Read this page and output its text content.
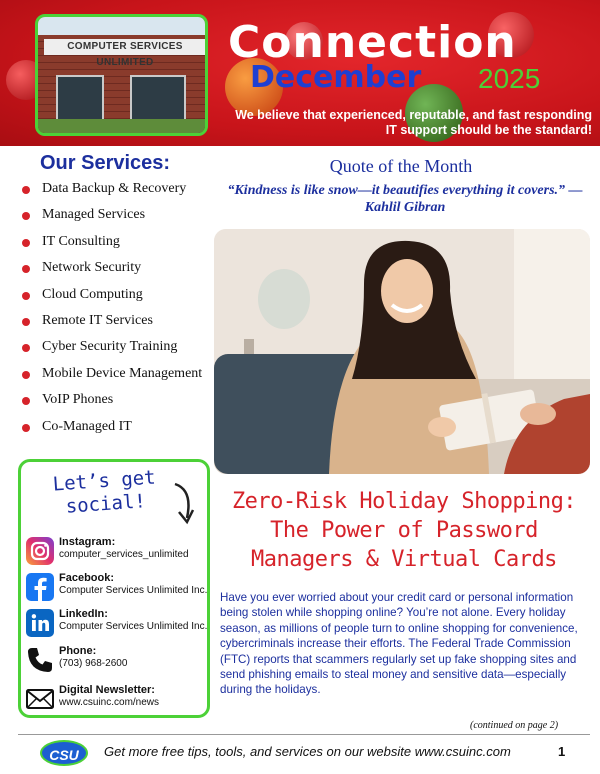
COMPUTER SERVICES UNLIMITED	Connection
December 2025
We believe that experienced, reputable, and fast responding IT support should be the standard!
Our Services:
Data Backup & Recovery
Managed Services
IT Consulting
Network Security
Cloud Computing
Remote IT Services
Cyber Security Training
Mobile Device Management
VoIP Phones
Co-Managed IT
Quote of the Month
“Kindness is like snow—it beautifies everything it covers.” — Kahlil Gibran
Let’s get social!
Instagram:
computer_services_unlimited
Facebook:
Computer Services Unlimited Inc.
LinkedIn:
Computer Services Unlimited Inc.
Phone:
(703) 968-2600
Digital Newsletter:
www.csuinc.com/news
Zero-Risk Holiday Shopping: The Power of Password Managers & Virtual Cards
Have you ever worried about your credit card or personal information being stolen while shopping online? You’re not alone. Every holiday season, as millions of people turn to online shopping for convenience, cybercriminals increase their efforts. The Federal Trade Commission (FTC) reports that scammers regularly set up fake shopping sites and send phishing emails to steal money and sensitive data—especially during the holidays.
(continued on page 2)
CSU	Get more free tips, tools, and services on our website www.csuinc.com	1
